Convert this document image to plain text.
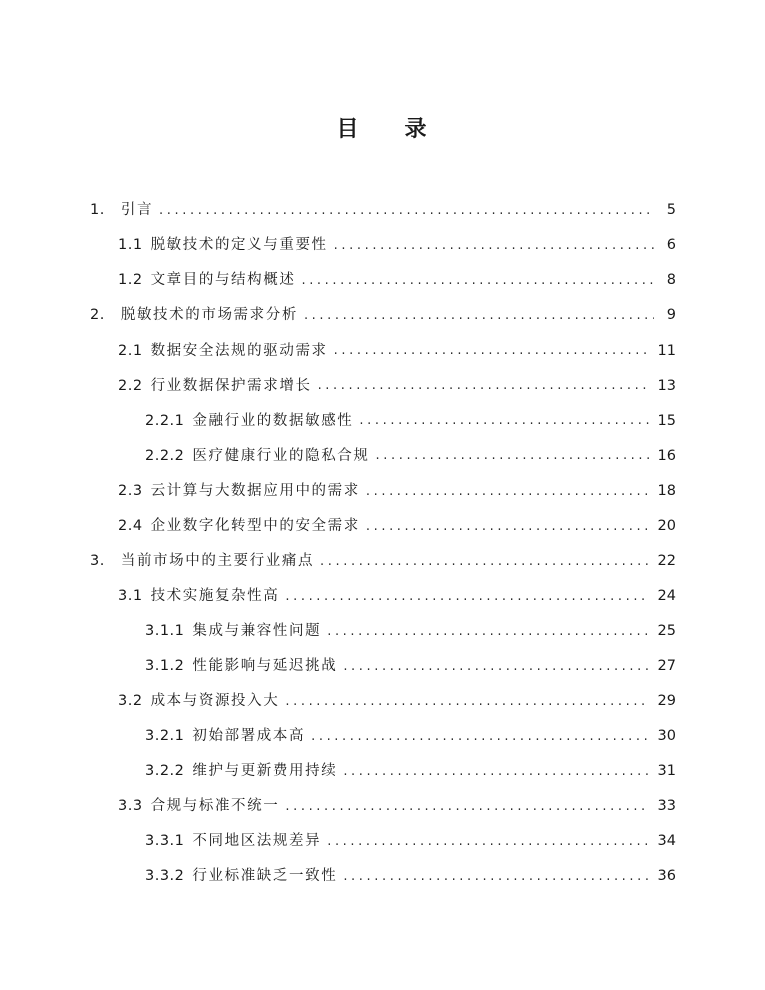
目 录
1. 引言 .....	5
1.1 脱敏技术的定义与重要性 .....	6
1.2 文章目的与结构概述 .....	8
2. 脱敏技术的市场需求分析 .....	9
2.1 数据安全法规的驱动需求 .....	11
2.2 行业数据保护需求增长 .....	13
2.2.1 金融行业的数据敏感性 .....	15
2.2.2 医疗健康行业的隐私合规 .....	16
2.3 云计算与大数据应用中的需求 .....	18
2.4 企业数字化转型中的安全需求 .....	20
3. 当前市场中的主要行业痛点 .....	22
3.1 技术实施复杂性高 .....	24
3.1.1 集成与兼容性问题 .....	25
3.1.2 性能影响与延迟挑战 .....	27
3.2 成本与资源投入大 .....	29
3.2.1 初始部署成本高 .....	30
3.2.2 维护与更新费用持续 .....	31
3.3 合规与标准不统一 .....	33
3.3.1 不同地区法规差异 .....	34
3.3.2 行业标准缺乏一致性 .....	36
